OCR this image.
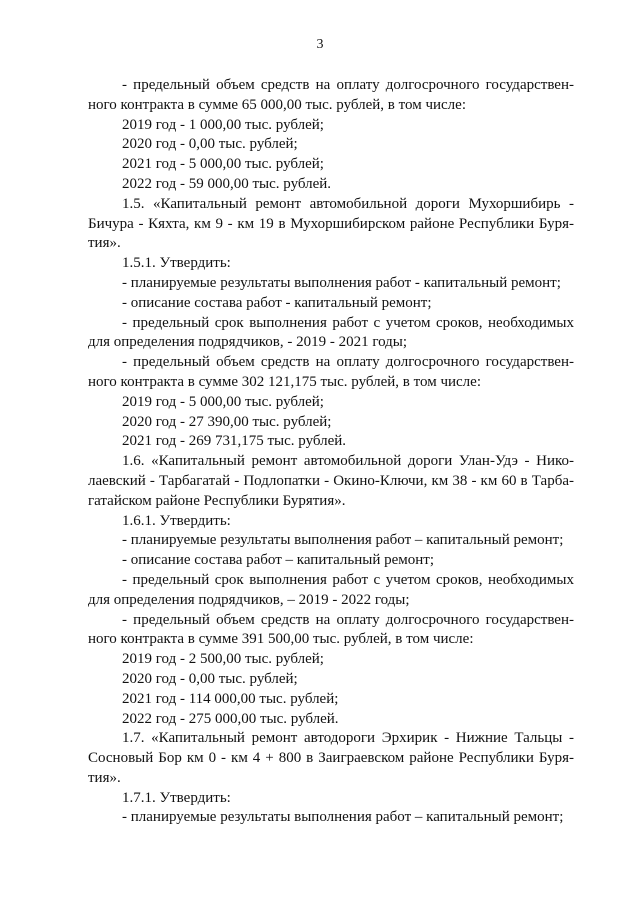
3
- предельный объем средств на оплату долгосрочного государствен-
ного контракта в сумме 65 000,00 тыс. рублей, в том числе:
2019 год - 1 000,00 тыс. рублей;
2020 год - 0,00 тыс. рублей;
2021 год - 5 000,00 тыс. рублей;
2022 год - 59 000,00 тыс. рублей.
1.5. «Капитальный ремонт автомобильной дороги Мухоршибирь -
Бичура - Кяхта, км 9 - км 19 в Мухоршибирском районе Республики Буря-
тия».
1.5.1. Утвердить:
- планируемые результаты выполнения работ - капитальный ремонт;
- описание состава работ - капитальный ремонт;
- предельный срок выполнения работ с учетом сроков, необходимых
для определения подрядчиков, - 2019 - 2021 годы;
- предельный объем средств на оплату долгосрочного государствен-
ного контракта в сумме 302 121,175 тыс. рублей, в том числе:
2019 год - 5 000,00 тыс. рублей;
2020 год - 27 390,00 тыс. рублей;
2021 год - 269 731,175 тыс. рублей.
1.6. «Капитальный ремонт автомобильной дороги Улан-Удэ - Нико-
лаевский - Тарбагатай - Подлопатки - Окино-Ключи, км 38 - км 60 в Тарба-
гатайском районе Республики Бурятия».
1.6.1. Утвердить:
- планируемые результаты выполнения работ – капитальный ремонт;
- описание состава работ – капитальный ремонт;
- предельный срок выполнения работ с учетом сроков, необходимых
для определения подрядчиков, – 2019 - 2022 годы;
- предельный объем средств на оплату долгосрочного государствен-
ного контракта в сумме 391 500,00 тыс. рублей, в том числе:
2019 год - 2 500,00 тыс. рублей;
2020 год - 0,00 тыс. рублей;
2021 год - 114 000,00 тыс. рублей;
2022 год - 275 000,00 тыс. рублей.
1.7. «Капитальный ремонт автодороги Эрхирик - Нижние Тальцы -
Сосновый Бор км 0 - км 4 + 800 в Заиграевском районе Республики Буря-
тия».
1.7.1. Утвердить:
- планируемые результаты выполнения работ – капитальный ремонт;
